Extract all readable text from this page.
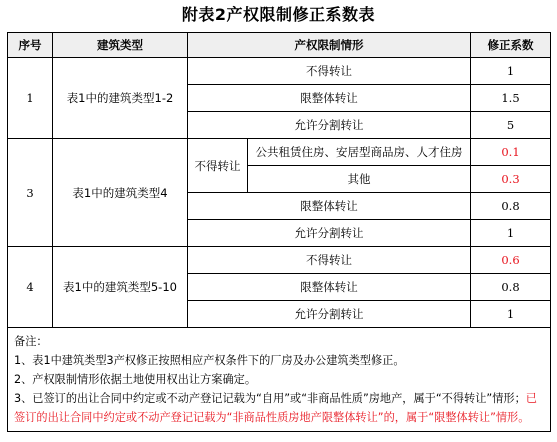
附表2产权限制修正系数表
序号	建筑类型	产权限制情形		修正系数
1	表1中的建筑类型1-2	不得转让		1
		限整体转让		1.5
		允许分割转让		5
3	表1中的建筑类型4	不得转让	公共租赁住房、安居型商品房、人才住房	0.1
			其他	0.3
		限整体转让		0.8
		允许分割转让		1
4	表1中的建筑类型5-10	不得转让		0.6
		限整体转让		0.8
		允许分割转让		1

备注：
1、表1中建筑类型3产权修正按照相应产权条件下的厂房及办公建筑类型修正。
2、产权限制情形依据土地使用权出让方案确定。
3、已签订的出让合同中约定或不动产登记记载为“自用”或“非商品性质”房地产，属于“不得转让”情形；已
签订的出让合同中约定或不动产登记记载为“非商品性质房地产限整体转让”的，属于“限整体转让”情形。				
